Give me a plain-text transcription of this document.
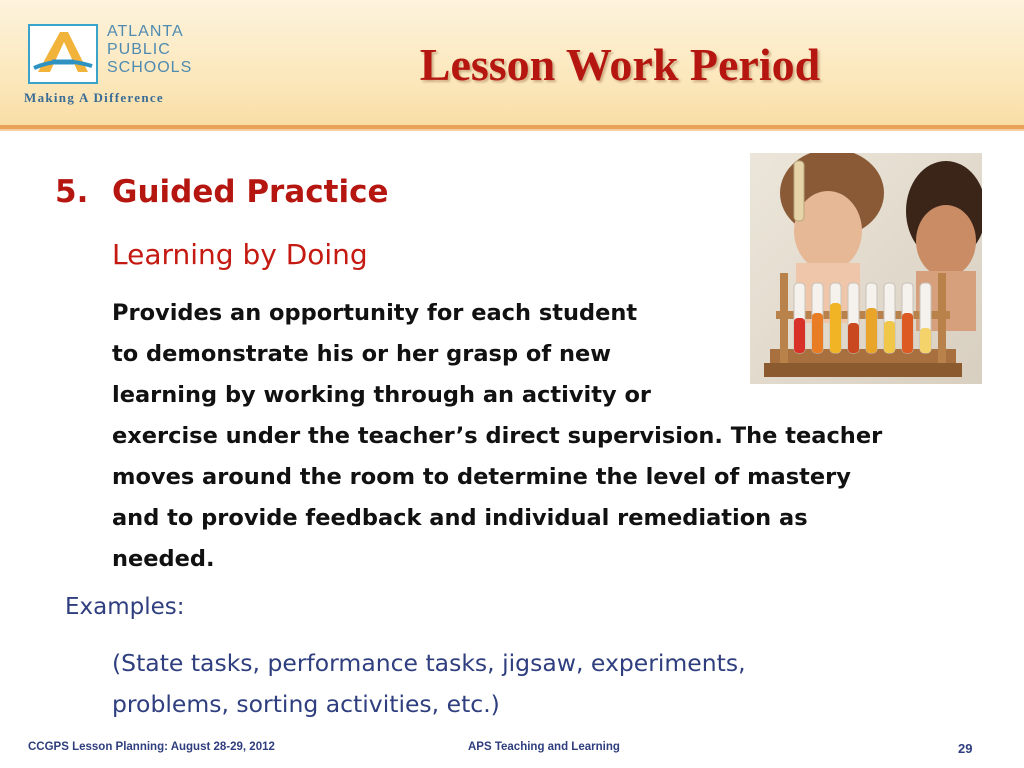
ATLANTA
PUBLIC
SCHOOLS
Making A Difference
Lesson Work Period
5. Guided Practice
Learning by Doing
Provides an opportunity for each student
to demonstrate his or her grasp of new
learning by working through an activity or
exercise under the teacher’s direct supervision. The teacher
moves around the room to determine the level of mastery
and to provide feedback and individual remediation as
needed.
Examples:
(State tasks, performance tasks, jigsaw, experiments,
problems, sorting activities, etc.)
CCGPS Lesson Planning: August 28-29, 2012	APS Teaching and Learning	29
